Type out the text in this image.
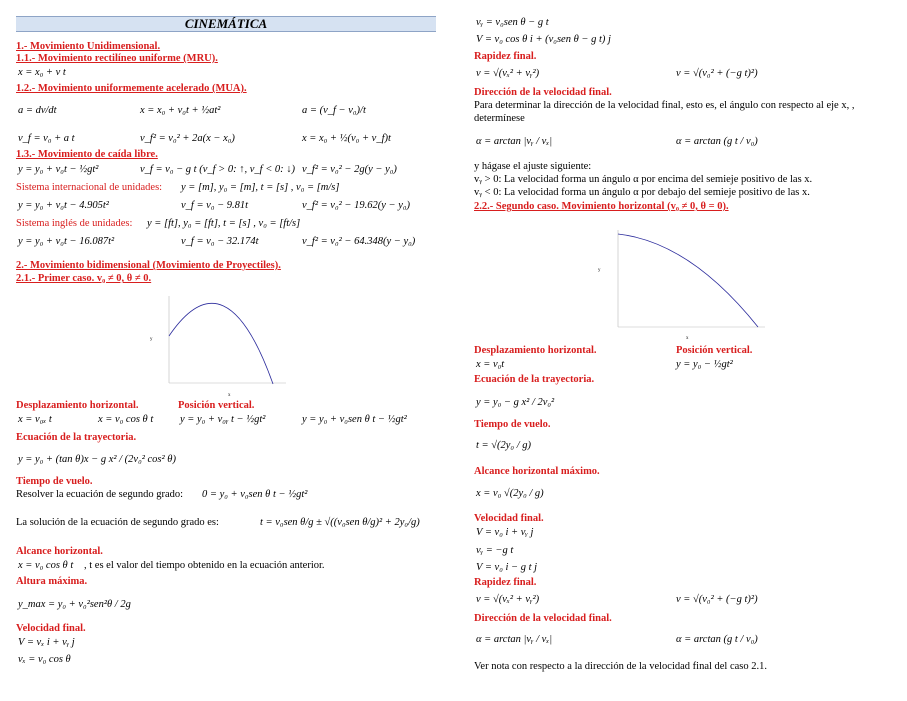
CINEMÁTICA
1.- Movimiento Unidimensional.
1.1.- Movimiento rectilíneo uniforme (MRU).
x = x₀ + v t
1.2.- Movimiento uniformemente acelerado (MUA).
a = dv/dt	x = x₀ + v₀t + ½at²	a = (v_f − v₀)/t
v_f = v₀ + a t	v_f² = v₀² + 2a(x − x₀)	x = x₀ + ½(v₀ + v_f)t
1.3.- Movimiento de caída libre.
y = y₀ + v₀t − ½gt²	v_f = v₀ − g t (v_f > 0: ↑, v_f < 0: ↓) v_f² = v₀² − 2g(y − y₀)
Sistema internacional de unidades: y = [m], y₀ = [m], t = [s] , v₀ = [m/s]
y = y₀ + v₀t − 4.905t²	v_f = v₀ − 9.81t	v_f² = v₀² − 19.62(y − y₀)
Sistema inglés de unidades: y = [ft], y₀ = [ft], t = [s] , v₀ = [ft/s]
y = y₀ + v₀t − 16.087t²	v_f = v₀ − 32.174t	v_f² = v₀² − 64.348(y − y₀)
2.- Movimiento bidimensional (Movimiento de Proyectiles).
2.1.- Primer caso. v₀ ≠ 0, θ ≠ 0.
y
x
Desplazamiento horizontal.	Posición vertical.
x = v₀ₓ t	x = v₀ cos θ t	y = y₀ + v₀ᵧ t − ½gt²	y = y₀ + v₀sen θ t − ½gt²
Ecuación de la trayectoria.
y = y₀ + (tan θ)x − g x² / (2v₀² cos² θ)
Tiempo de vuelo.
Resolver la ecuación de segundo grado: 0 = y₀ + v₀sen θ t − ½gt²
La solución de la ecuación de segundo grado es:	t = v₀sen θ/g ± √((v₀sen θ/g)² + 2y₀/g)
Alcance horizontal.
x = v₀ cos θ t , t es el valor del tiempo obtenido en la ecuación anterior.
Altura máxima.
y_max = y₀ + v₀²sen²θ / 2g
Velocidad final.
V = vₓ i + vᵧ j
vₓ = v₀ cos θ
vᵧ = v₀sen θ − g t
V = v₀ cos θ i + (v₀sen θ − g t) j
Rapidez final.
v = √(vₓ² + vᵧ²)	v = √(v₀² + (−g t)²)
Dirección de la velocidad final.
Para determinar la dirección de la velocidad final, esto es, el ángulo con respecto al eje x, ,
determínese
α = arctan |vᵧ / vₓ|	α = arctan (g t / v₀)
y hágase el ajuste siguiente:
vᵧ > 0: La velocidad forma un ángulo α por encima del semieje positivo de las x.
vᵧ < 0: La velocidad forma un ángulo α por debajo del semieje positivo de las x.
2.2.- Segundo caso. Movimiento horizontal (v₀ ≠ 0, θ = 0).
y
x
Desplazamiento horizontal.	Posición vertical.
x = v₀t	y = y₀ − ½gt²
Ecuación de la trayectoria.
y = y₀ − g x² / 2v₀²
Tiempo de vuelo.
t = √(2y₀ / g)
Alcance horizontal máximo.
x = v₀ √(2y₀ / g)
Velocidad final.
V = v₀ i + vᵧ j
vᵧ = −g t
V = v₀ i − g t j
Rapidez final.
v = √(vₓ² + vᵧ²)	v = √(v₀² + (−g t)²)
Dirección de la velocidad final.
α = arctan |vᵧ / vₓ|	α = arctan (g t / v₀)
Ver nota con respecto a la dirección de la velocidad final del caso 2.1.
